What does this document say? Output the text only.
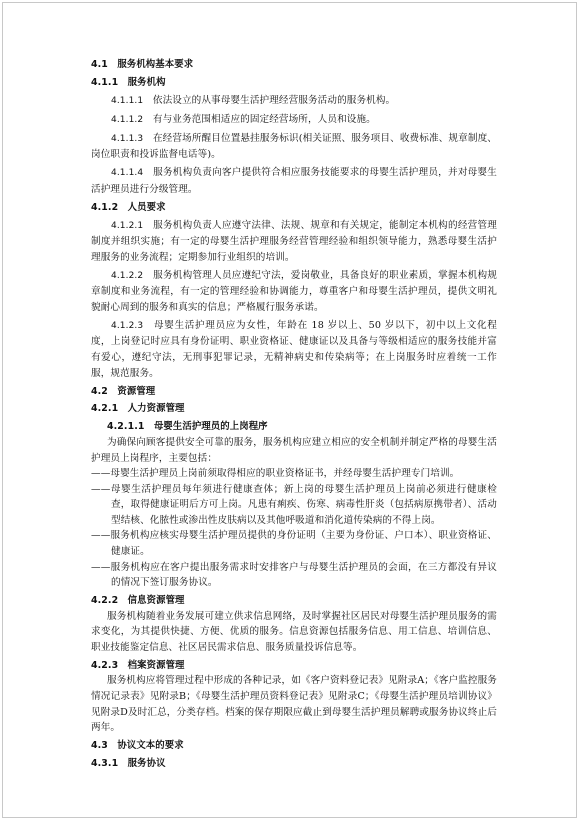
4.1　服务机构基本要求
4.1.1　服务机构
4.1.1.1　 依法设立的从事母婴生活护理经营服务活动的服务机构。
4.1.1.2　 有与业务范围相适应的固定经营场所，人员和设施。
4.1.1.3　 在经营场所醒目位置悬挂服务标识(相关证照、服务项目、收费标准、规章制度、岗位职责和投诉监督电话等)。
4.1.1.4　 服务机构负责向客户提供符合相应服务技能要求的母婴生活护理员，并对母婴生活护理员进行分级管理。
4.1.2　人员要求
4.1.2.1　 服务机构负责人应遵守法律、法规、规章和有关规定，能制定本机构的经营管理制度并组织实施；有一定的母婴生活护理服务经营管理经验和组织领导能力，熟悉母婴生活护理服务的业务流程；定期参加行业组织的培训。
4.1.2.2　 服务机构管理人员应遵纪守法，爱岗敬业，具备良好的职业素质，掌握本机构规章制度和业务流程，有一定的管理经验和协调能力，尊重客户和母婴生活护理员，提供文明礼貌耐心周到的服务和真实的信息；严格履行服务承诺。
4.1.2.3　 母婴生活护理员应为女性，年龄在 18 岁以上、50 岁以下，初中以上文化程度，上岗登记时应具有身份证明、职业资格证、健康证以及具备与等级相适应的服务技能并富有爱心，遵纪守法，无刑事犯罪记录，无精神病史和传染病等；在上岗服务时应着统一工作服，规范服务。
4.2　资源管理
4.2.1　人力资源管理
4.2.1.1　母婴生活护理员的上岗程序
为确保向顾客提供安全可靠的服务，服务机构应建立相应的安全机制并制定严格的母婴生活护理员上岗程序，主要包括：
——母婴生活护理员上岗前须取得相应的职业资格证书，并经母婴生活护理专门培训。
——母婴生活护理员每年须进行健康查体；新上岗的母婴生活护理员上岗前必须进行健康检查，取得健康证明后方可上岗。凡患有痢疾、伤寒、病毒性肝炎（包括病原携带者）、活动型结核、化脓性或渗出性皮肤病以及其他呼吸道和消化道传染病的不得上岗。
——服务机构应核实母婴生活护理员提供的身份证明（主要为身份证、户口本）、职业资格证、健康证。
——服务机构应在客户提出服务需求时安排客户与母婴生活护理员的会面，在三方都没有异议的情况下签订服务协议。
4.2.2　信息资源管理
服务机构随着业务发展可建立供求信息网络，及时掌握社区居民对母婴生活护理员服务的需求变化，为其提供快捷、方便、优质的服务。信息资源包括服务信息、用工信息、培训信息、职业技能鉴定信息、社区居民需求信息、服务质量投诉信息等。
4.2.3　档案资源管理
服务机构应将管理过程中形成的各种记录，如《客户资料登记表》见附录A；《客户监控服务情况记录表》见附录B；《母婴生活护理员资料登记表》见附录C；《母婴生活护理员培训协议》见附录D及时汇总，分类存档。档案的保存期限应截止到母婴生活护理员解聘或服务协议终止后两年。
4.3　协议文本的要求
4.3.1　服务协议
